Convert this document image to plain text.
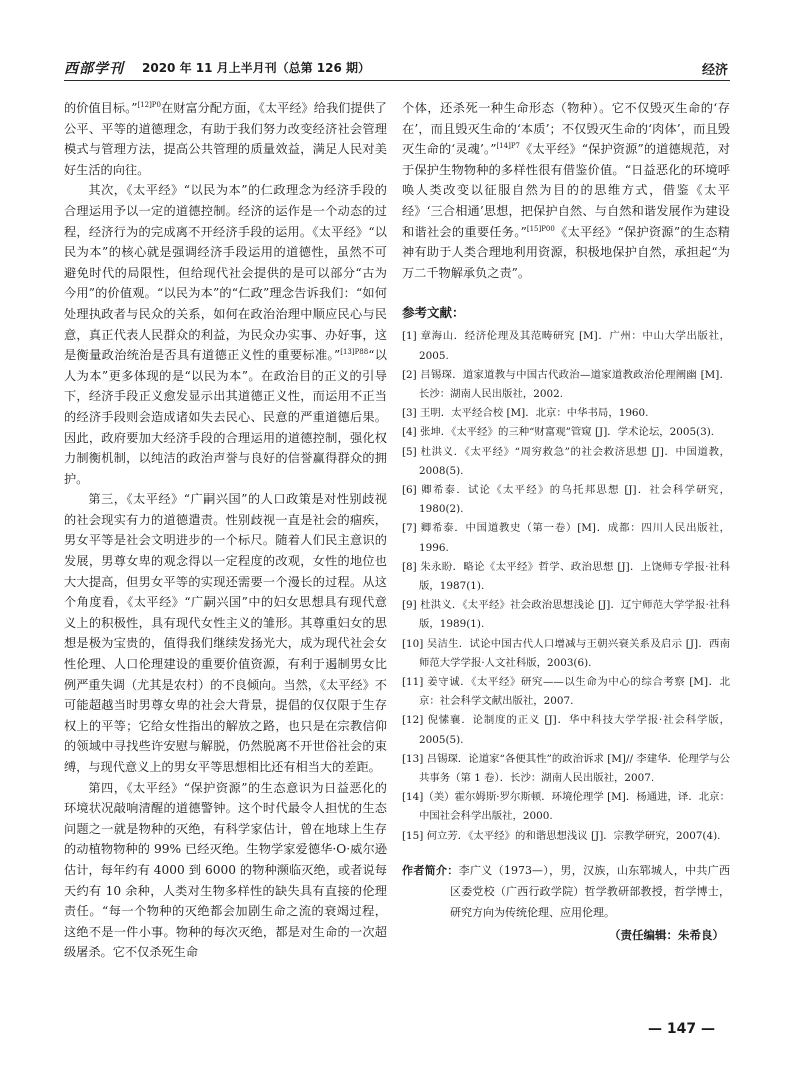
西部学刊 2020 年 11 月上半月刊（总第 126 期）	经济

的价值目标。”$^{[12]P0}$在财富分配方面，《太平经》给我们提供了公平、平等的道德理念，有助于我们努力改变经济社会管理模式与管理方法，提高公共管理的质量效益，满足人民对美好生活的向往。

其次，《太平经》“以民为本”的仁政理念为经济手段的合理运用予以一定的道德控制。经济的运作是一个动态的过程，经济行为的完成离不开经济手段的运用。《太平经》“以民为本”的核心就是强调经济手段运用的道德性，虽然不可避免时代的局限性，但给现代社会提供的是可以部分“古为今用”的价值观。“以民为本”的“仁政”理念告诉我们：“如何处理执政者与民众的关系，如何在政治治理中顺应民心与民意，真正代表人民群众的利益，为民众办实事、办好事，这是衡量政治统治是否具有道德正义性的重要标准。”$^{[13]P88}$“以人为本”更多体现的是“以民为本”。在政治目的正义的引导下，经济手段正义愈发显示出其道德正义性，而运用不正当的经济手段则会造成诸如失去民心、民意的严重道德后果。因此，政府要加大经济手段的合理运用的道德控制，强化权力制衡机制，以纯洁的政治声誉与良好的信誉赢得群众的拥护。

第三，《太平经》“广嗣兴国”的人口政策是对性别歧视的社会现实有力的道德遣责。性别歧视一直是社会的痼疾，男女平等是社会文明进步的一个标尺。随着人们民主意识的发展，男尊女卑的观念得以一定程度的改观，女性的地位也大大提高，但男女平等的实现还需要一个漫长的过程。从这个角度看，《太平经》“广嗣兴国”中的妇女思想具有现代意义上的积极性，具有现代女性主义的雏形。其尊重妇女的思想是极为宝贵的，值得我们继续发扬光大，成为现代社会女性伦理、人口伦理建设的重要价值资源，有利于遏制男女比例严重失调（尤其是农村）的不良倾向。当然，《太平经》不可能超越当时男尊女卑的社会大背景，提倡的仅仅限于生存权上的平等；它给女性指出的解放之路，也只是在宗教信仰的领域中寻找些许安慰与解脱，仍然脱离不开世俗社会的束缚，与现代意义上的男女平等思想相比还有相当大的差距。

第四，《太平经》“保护资源”的生态意识为日益恶化的环境状况敲响清醒的道德警钟。这个时代最令人担忧的生态问题之一就是物种的灭绝，有科学家估计，曾在地球上生存的动植物物种的 99% 已经灭绝。生物学家爱德华·O·威尔逊估计，每年约有 4000 到 6000 的物种濒临灭绝，或者说每天约有 10 余种，人类对生物多样性的缺失具有直接的伦理责任。“每一个物种的灭绝都会加剧生命之流的衰竭过程，这绝不是一件小事。物种的每次灭绝，都是对生命的一次超级屠杀。它不仅杀死生命

个体，还杀死一种生命形态（物种）。它不仅毁灭生命的‘存在’，而且毁灭生命的‘本质’；不仅毁灭生命的‘肉体’，而且毁灭生命的‘灵魂’。”$^{[14]P7}$《太平经》“保护资源”的道德规范，对于保护生物物种的多样性很有借鉴价值。“日益恶化的环境呼唤人类改变以征服自然为目的的思维方式，借鉴《太平经》‘三合相通’思想，把保护自然、与自然和谐发展作为建设和谐社会的重要任务。”$^{[15]P00}$《太平经》“保护资源”的生态精神有助于人类合理地利用资源，积极地保护自然，承担起“为万二千物解承负之责”。

参考文献：
[1] 章海山．经济伦理及其范畴研究 [M]．广州：中山大学出版社，2005.
[2] 吕锡琛．道家道教与中国古代政治—道家道教政治伦理阐幽 [M]．长沙：湖南人民出版社，2002.
[3] 王明．太平经合校 [M]．北京：中华书局，1960.
[4] 张坤．《太平经》的三种“财富观”管窥 [J]．学术论坛，2005(3).
[5] 杜洪义．《太平经》“周穷救急”的社会救济思想 [J]．中国道教，2008(5).
[6] 卿希泰．试论《太平经》的乌托邦思想 [J]．社会科学研究，1980(2).
[7] 卿希泰．中国道教史（第一卷）[M]．成都：四川人民出版社，1996.
[8] 朱永盼．略论《太平经》哲学、政治思想 [J]．上饶师专学报·社科版，1987(1).
[9] 杜洪义．《太平经》社会政治思想浅论 [J]．辽宁师范大学学报·社科版，1989(1).
[10] 吴洁生．试论中国古代人口增减与王朝兴衰关系及启示 [J]．西南师范大学学报·人文社科版，2003(6).
[11] 姜守诚．《太平经》研究——以生命为中心的综合考察 [M]．北京：社会科学文献出版社，2007.
[12] 倪愫襄．论制度的正义 [J]．华中科技大学学报·社会科学版，2005(5).
[13] 吕锡琛．论道家“各便其性”的政治诉求 [M]// 李建华．伦理学与公共事务（第 1 卷）．长沙：湖南人民出版社，2007.
[14]（美）霍尔姆斯·罗尔斯顿．环境伦理学 [M]．杨通进，译．北京：中国社会科学出版社，2000.
[15] 何立芳．《太平经》的和谐思想浅议 [J]．宗教学研究，2007(4).
作者简介：李广义（1973—），男，汉族，山东郓城人，中共广西区委党校（广西行政学院）哲学教研部教授，哲学博士，研究方向为传统伦理、应用伦理。
（责任编辑：朱希良）
— 147 —
